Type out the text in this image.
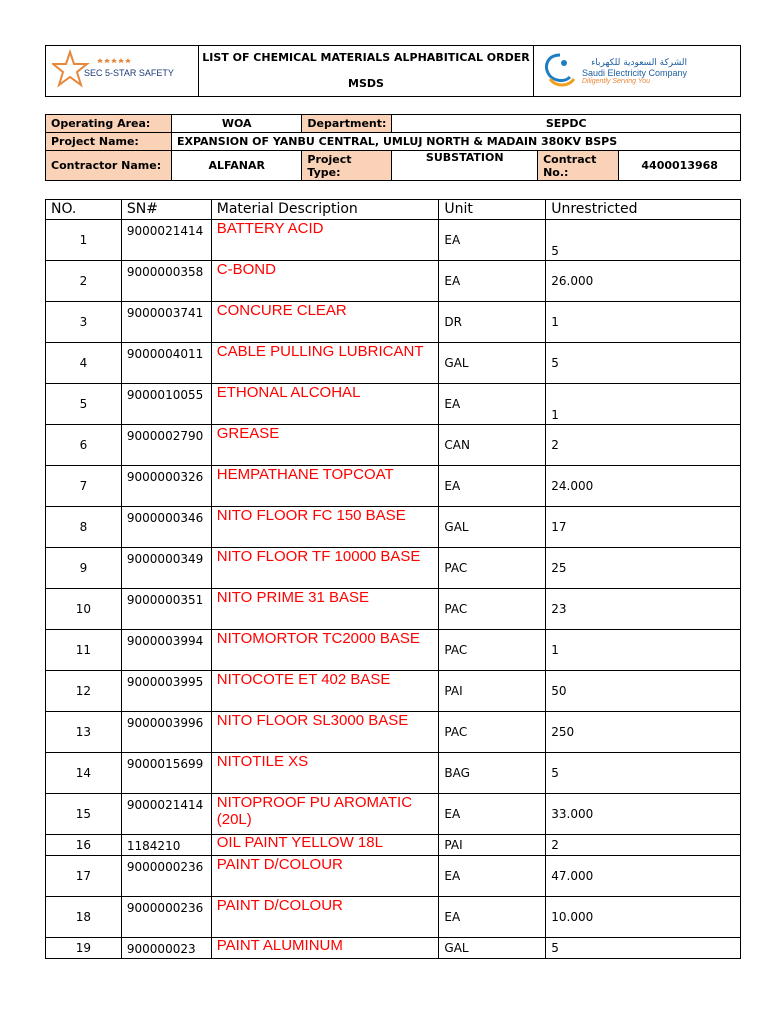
SEC 5-STAR SAFETY
LIST OF CHEMICAL MATERIALS ALPHABITICAL ORDER
MSDS
الشركة السعودية للكهرباء
Saudi Electricity Company
Diligently Serving You
Operating Area:	WOA	Department:	SEPDC		
Project Name:	EXPANSION OF YANBU CENTRAL, UMLUJ NORTH & MADAIN 380KV BSPS				
Contractor Name:	ALFANAR	Project Type:	SUBSTATION	Contract No.:	4400013968
NO.	SN#	Material Description	Unit	Unrestricted
1	9000021414	BATTERY ACID	EA	5
2	9000000358	C-BOND	EA	26.000
3	9000003741	CONCURE CLEAR	DR	1
4	9000004011	CABLE PULLING LUBRICANT	GAL	5
5	9000010055	ETHONAL ALCOHAL	EA	1
6	9000002790	GREASE	CAN	2
7	9000000326	HEMPATHANE TOPCOAT	EA	24.000
8	9000000346	NITO FLOOR FC 150 BASE	GAL	17
9	9000000349	NITO FLOOR TF 10000 BASE	PAC	25
10	9000000351	NITO PRIME 31 BASE	PAC	23
11	9000003994	NITOMORTOR TC2000 BASE	PAC	1
12	9000003995	NITOCOTE ET 402 BASE	PAI	50
13	9000003996	NITO FLOOR SL3000 BASE	PAC	250
14	9000015699	NITOTILE XS	BAG	5
15	9000021414	NITOPROOF PU AROMATIC (20L)	EA	33.000
16	1184210	OIL PAINT YELLOW 18L	PAI	2
17	9000000236	PAINT D/COLOUR	EA	47.000
18	9000000236	PAINT D/COLOUR	EA	10.000
19	900000023	PAINT ALUMINUM	GAL	5
